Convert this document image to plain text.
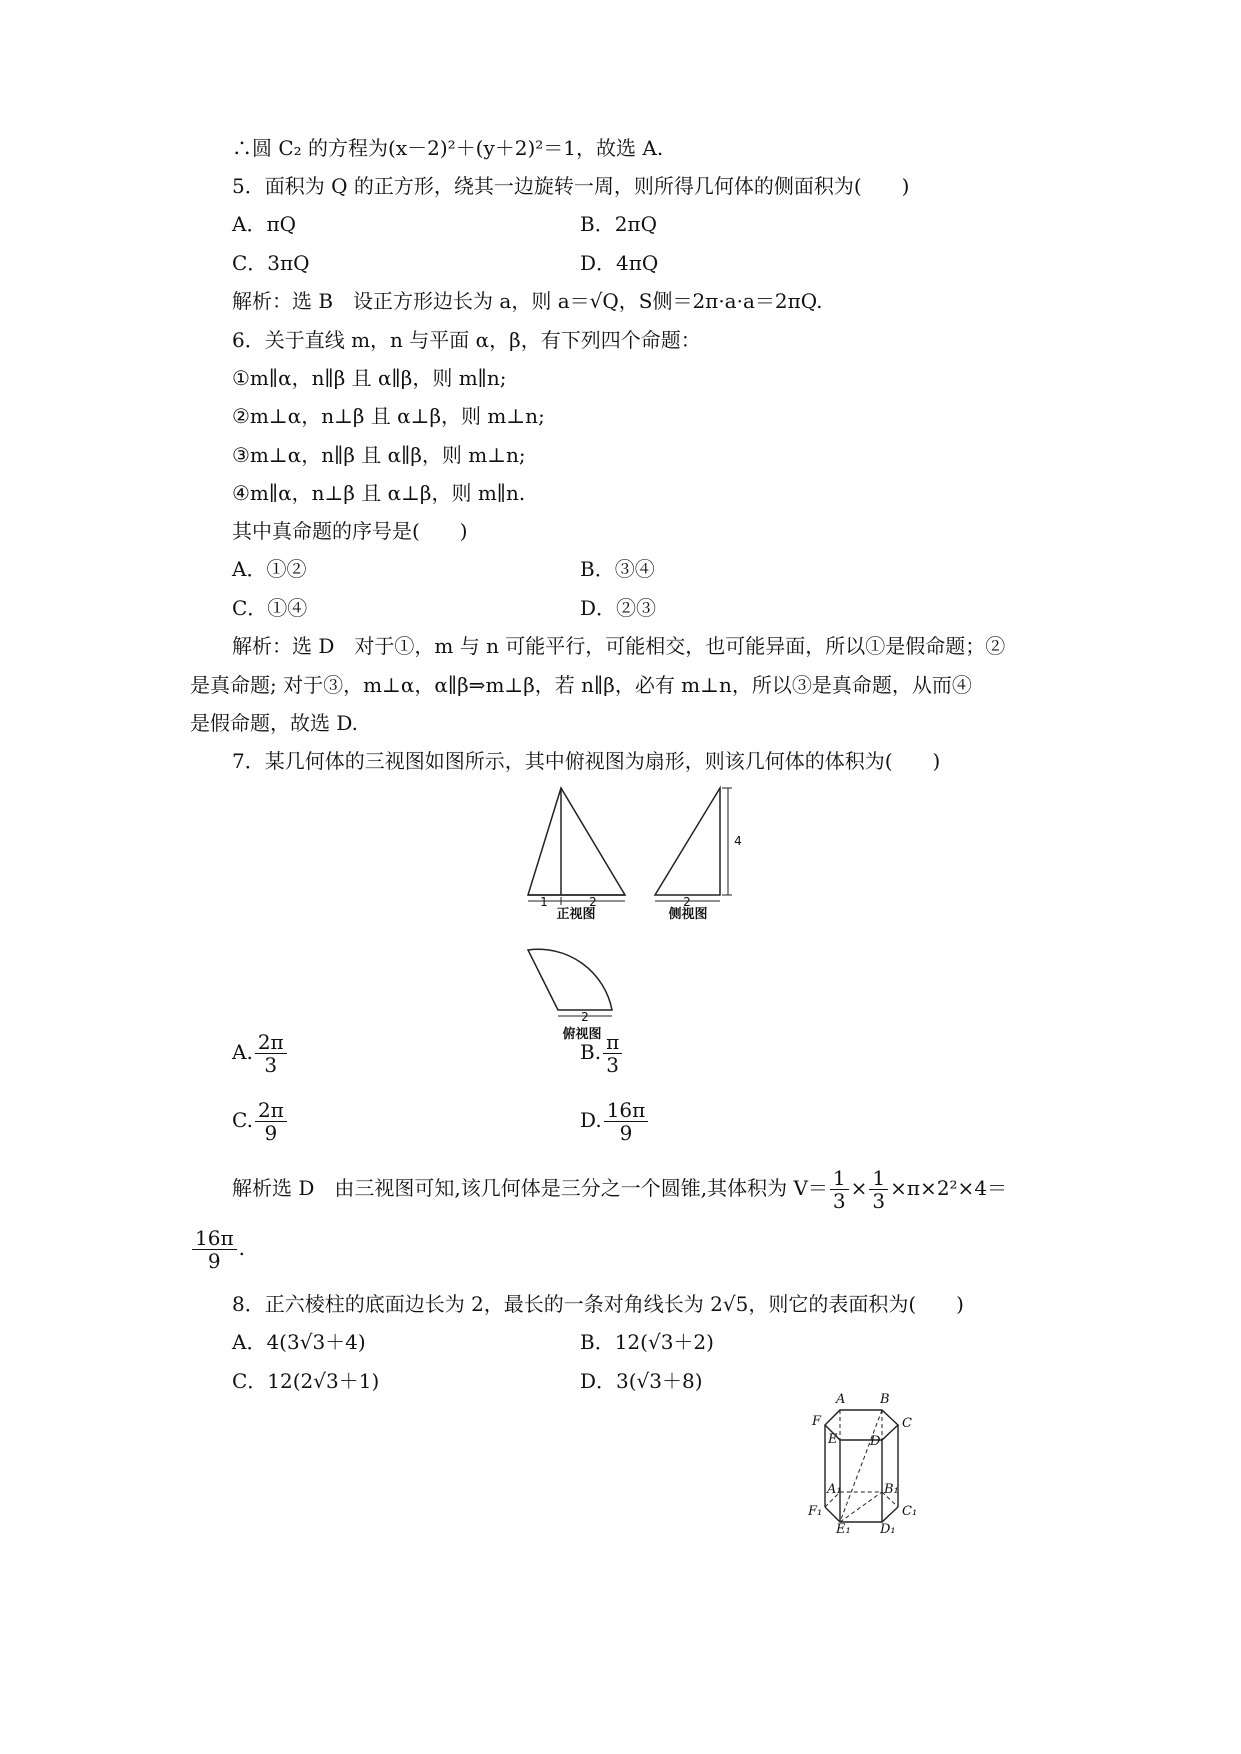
∴圆 C₂ 的方程为(x－2)²＋(y＋2)²＝1，故选 A.
5．面积为 Q 的正方形，绕其一边旋转一周，则所得几何体的侧面积为(　　)
A．πQ	B．2πQ
C．3πQ	D．4πQ
解析：选 B　设正方形边长为 a，则 a＝√Q，S侧＝2π·a·a＝2πQ.
6．关于直线 m，n 与平面 α，β，有下列四个命题：
①m∥α，n∥β 且 α∥β，则 m∥n;
②m⊥α，n⊥β 且 α⊥β，则 m⊥n;
③m⊥α，n∥β 且 α∥β，则 m⊥n;
④m∥α，n⊥β 且 α⊥β，则 m∥n.
其中真命题的序号是(　　)
A．①②	B．③④
C．①④	D．②③
解析：选 D　对于①，m 与 n 可能平行，可能相交，也可能异面，所以①是假命题；②
是真命题; 对于③，m⊥α，α∥β⇒m⊥β，若 n∥β，必有 m⊥n，所以③是真命题，从而④
是假命题，故选 D.
7．某几何体的三视图如图所示，其中俯视图为扇形，则该几何体的体积为(　　)
1	2
正视图
2
4
侧视图
2
俯视图
A. $\frac{2\pi}{3}$	B. $\frac{\pi}{3}$
C. $\frac{2\pi}{9}$	D. $\frac{16\pi}{9}$
解析选 D　由三视图可知,该几何体是三分之一个圆锥,其体积为 $V= \frac{1}{3} \times \frac{1}{3} \times\pi\times 2^2\times 4=$
$\frac{16\pi}{9}$ .
8．正六棱柱的底面边长为 2，最长的一条对角线长为 2√5，则它的表面积为(　　)
A．4(3√3＋4)	B．12(√3＋2)
C．12(2√3＋1)	D．3(√3＋8)
A	B
C
D
E
F
A₁	B₁
C₁
D₁
E₁
F₁
